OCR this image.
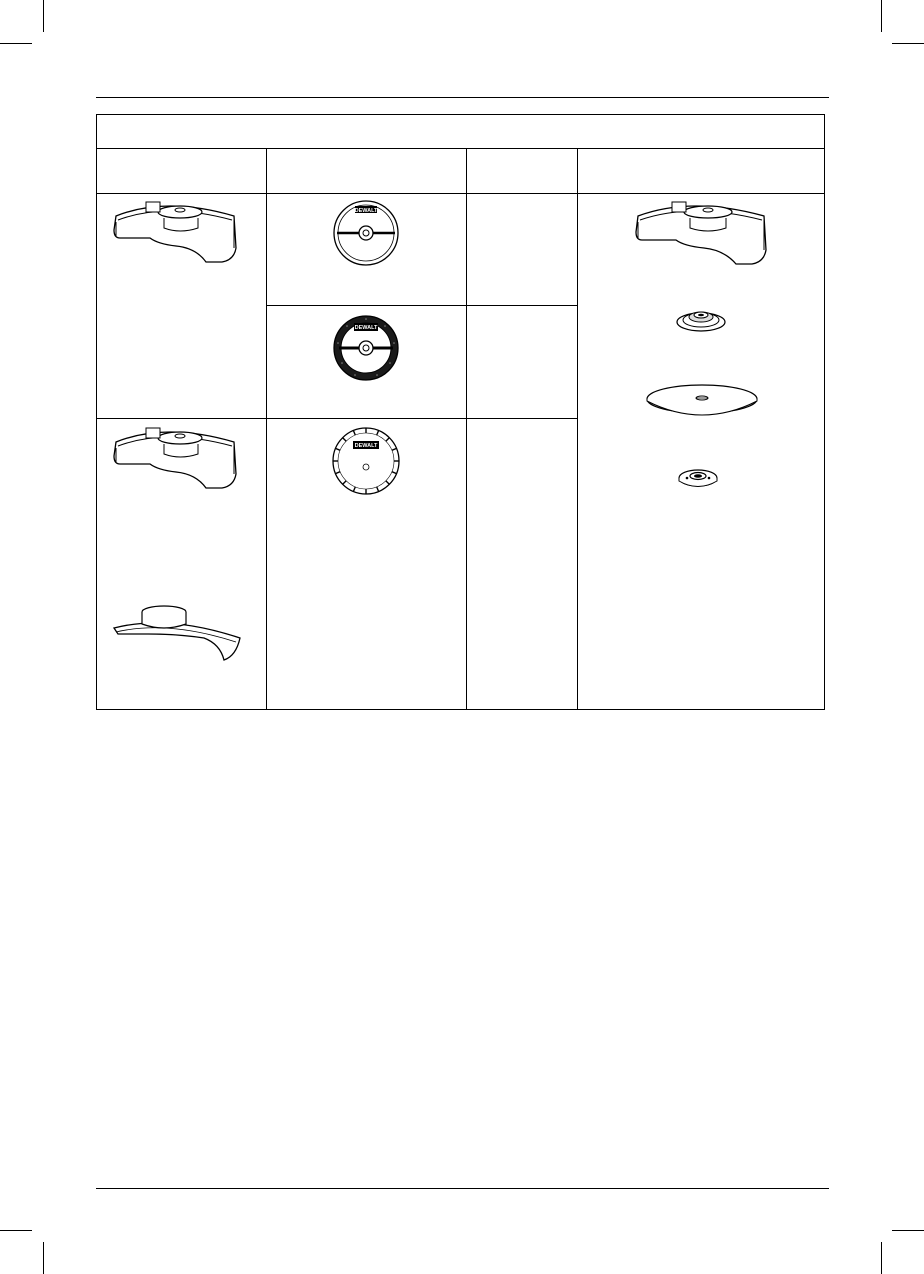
DEWALT
DEWALT
DEWALT
